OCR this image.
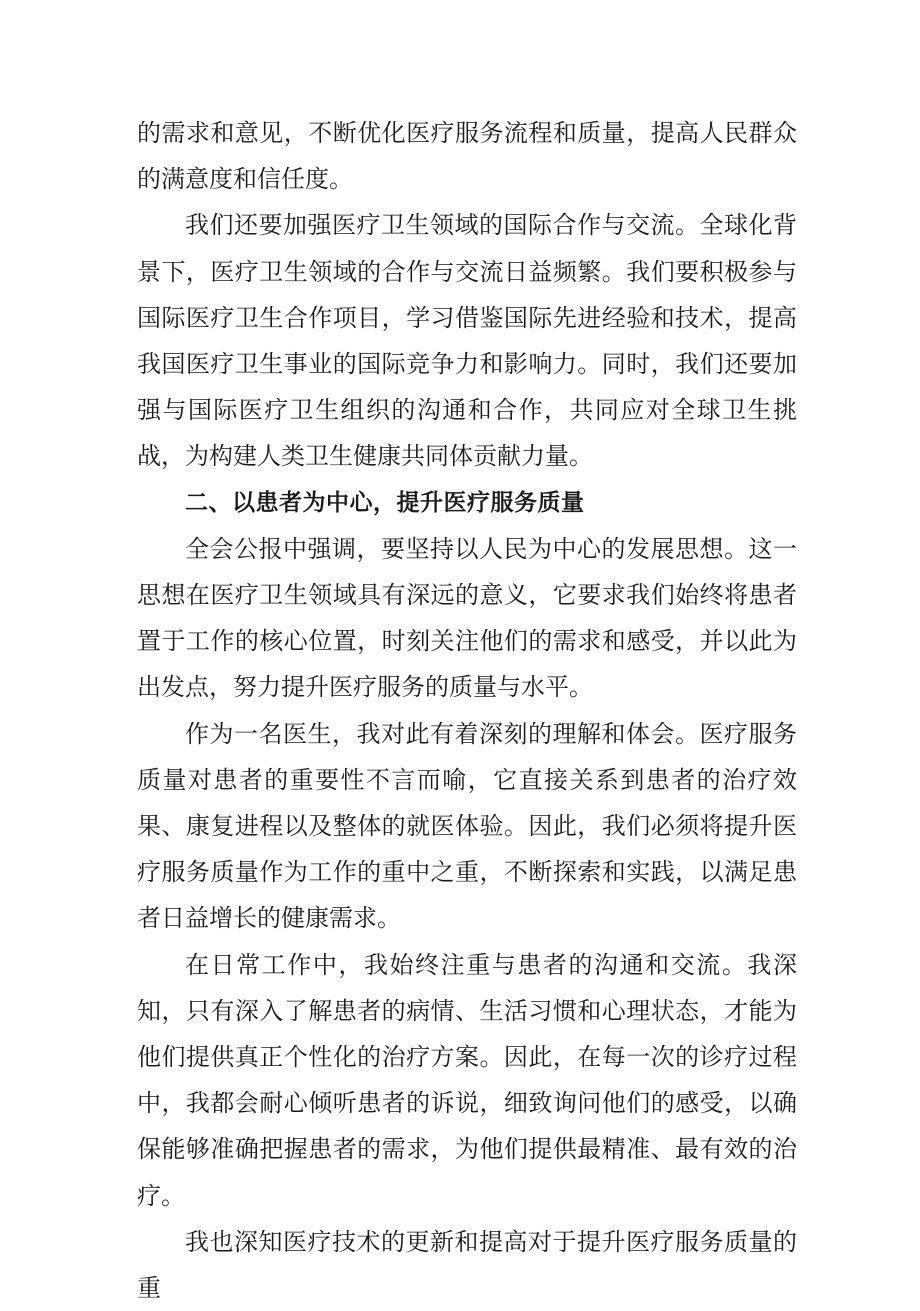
的需求和意见，不断优化医疗服务流程和质量，提高人民群众的满意度和信任度。

我们还要加强医疗卫生领域的国际合作与交流。全球化背景下，医疗卫生领域的合作与交流日益频繁。我们要积极参与国际医疗卫生合作项目，学习借鉴国际先进经验和技术，提高我国医疗卫生事业的国际竞争力和影响力。同时，我们还要加强与国际医疗卫生组织的沟通和合作，共同应对全球卫生挑战，为构建人类卫生健康共同体贡献力量。

二、以患者为中心，提升医疗服务质量

全会公报中强调，要坚持以人民为中心的发展思想。这一思想在医疗卫生领域具有深远的意义，它要求我们始终将患者置于工作的核心位置，时刻关注他们的需求和感受，并以此为出发点，努力提升医疗服务的质量与水平。

作为一名医生，我对此有着深刻的理解和体会。医疗服务质量对患者的重要性不言而喻，它直接关系到患者的治疗效果、康复进程以及整体的就医体验。因此，我们必须将提升医疗服务质量作为工作的重中之重，不断探索和实践，以满足患者日益增长的健康需求。

在日常工作中，我始终注重与患者的沟通和交流。我深知，只有深入了解患者的病情、生活习惯和心理状态，才能为他们提供真正个性化的治疗方案。因此，在每一次的诊疗过程中，我都会耐心倾听患者的诉说，细致询问他们的感受，以确保能够准确把握患者的需求，为他们提供最精准、最有效的治疗。

我也深知医疗技术的更新和提高对于提升医疗服务质量的重
